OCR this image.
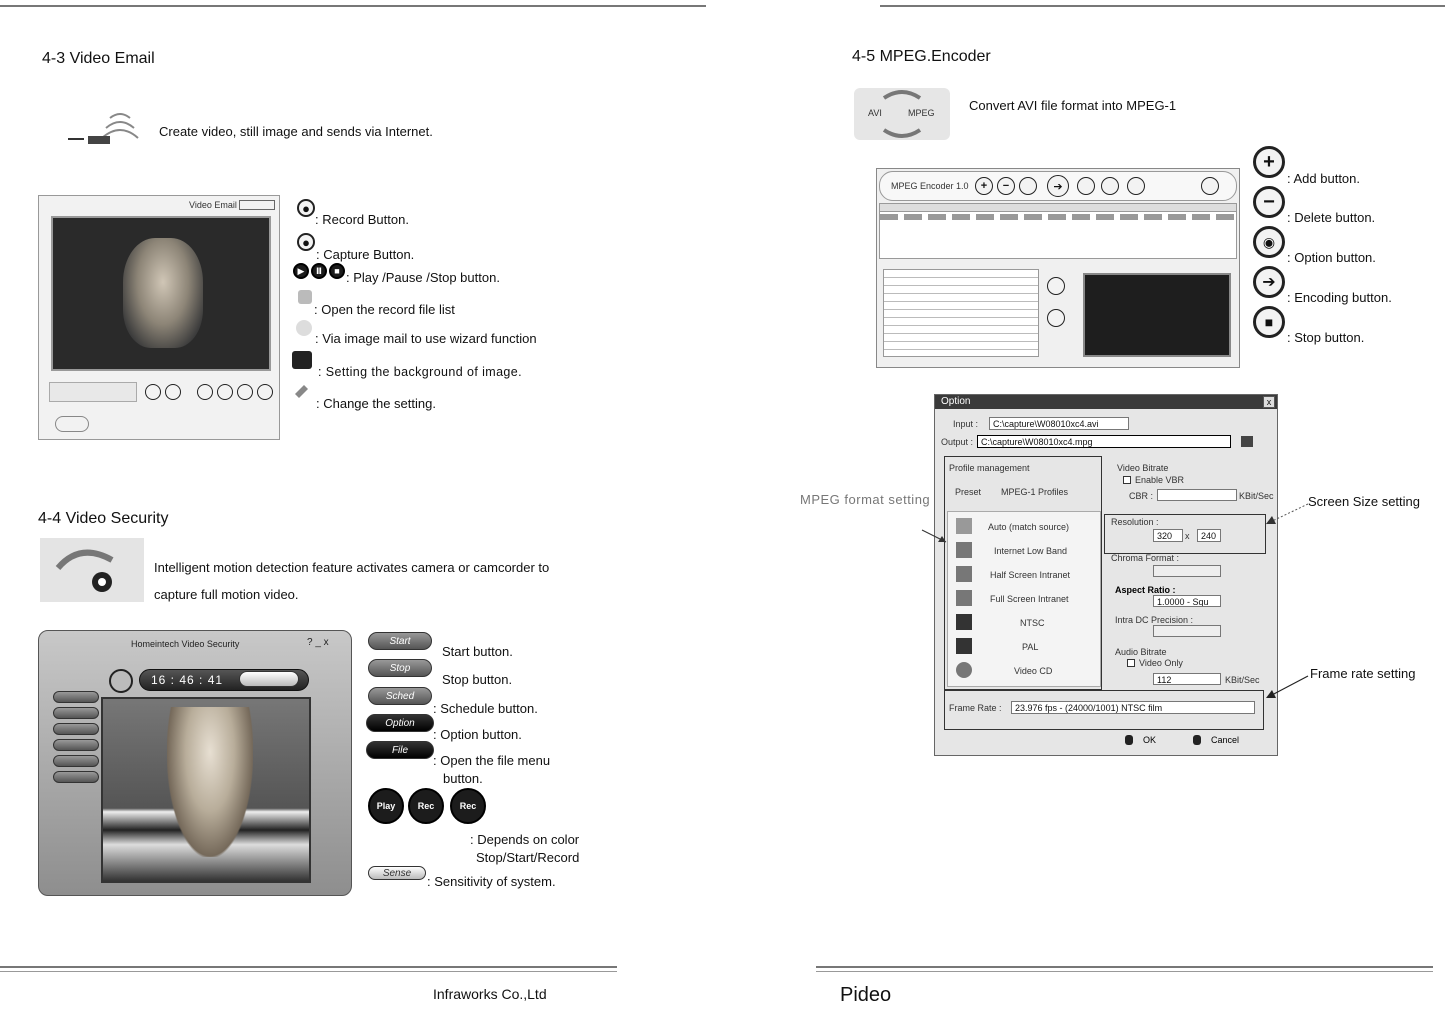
4-3 Video Email
Create video, still image and sends via Internet.
Video Email	●
: Record Button.
●
: Capture Button.
▶	Ⅱ	■ : Play /Pause /Stop button.
: Open the record file list
: Via image mail to use wizard function
: Setting the background of image.
: Change the setting.
4-4 Video Security
Intelligent motion detection feature activates camera or camcorder to
capture full motion video.
Homeintech Video Security	? _ x
16 : 46 : 41
Start
Start button.
Stop
Stop button.
Sched
: Schedule button.
Option
: Option button.
File
: Open the file menu
button.
Play	Rec	Rec
: Depends on color
Stop/Start/Record
Sense
: Sensitivity of system.
Infraworks Co.,Ltd
4-5 MPEG.Encoder
AVI	MPEG	Convert AVI file format into MPEG-1
MPEG Encoder 1.0	+	−	➔
+
: Add button.
−
: Delete button.
◉
: Option button.
➔
: Encoding button.
■
: Stop button.
Option	x
Input :	C:\capture\W08010xc4.avi
Output : C:\capture\W08010xc4.mpg
Profile management
Preset MPEG-1 Profiles
Auto (match source)
Internet Low Band
Half Screen Intranet
Full Screen Intranet
NTSC
PAL
Video CD
Video Bitrate
Enable VBR
CBR :	KBit/Sec
Resolution :
320	x	240
Chroma Format :
Aspect Ratio :
1.0000 - Squ
Intra DC Precision :
Audio Bitrate
Video Only
112	KBit/Sec
Frame Rate :	23.976 fps - (24000/1001) NTSC film
OK	Cancel
MPEG format setting	Screen Size setting
Frame rate setting
Pideo
